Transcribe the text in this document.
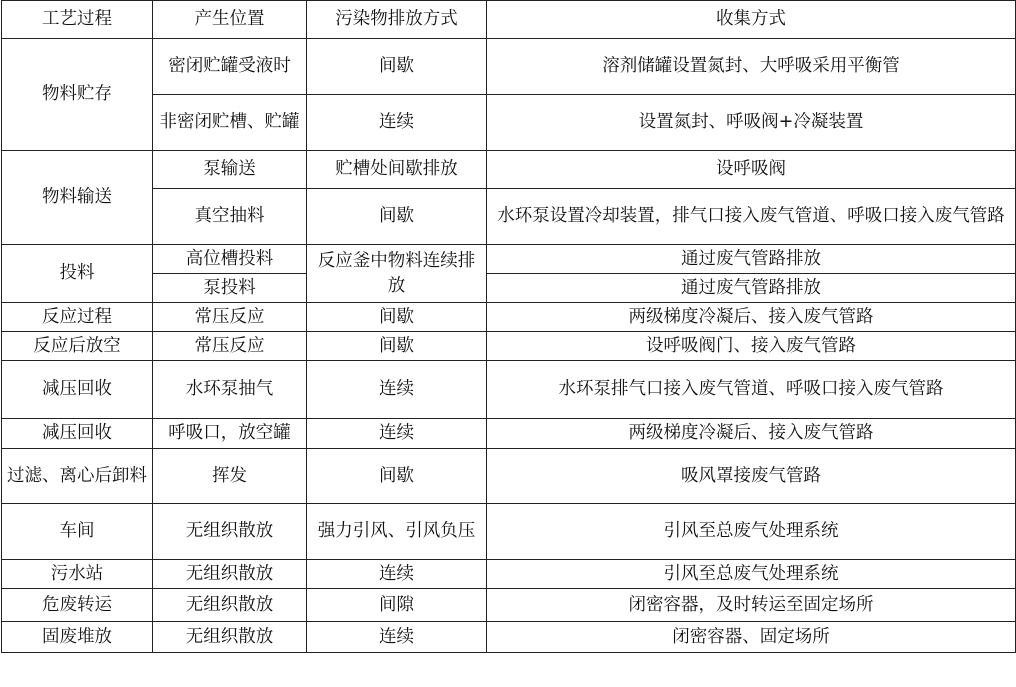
工艺过程	产生位置	污染物排放方式	收集方式
物料贮存	密闭贮罐受液时	间歇	溶剂储罐设置氮封、大呼吸采用平衡管
	非密闭贮槽、贮罐	连续	设置氮封、呼吸阀+冷凝装置
物料输送	泵输送	贮槽处间歇排放	设呼吸阀
	真空抽料	间歇	水环泵设置冷却装置，排气口接入废气管道、呼吸口接入废气管路
投料	高位槽投料	反应釜中物料连续排放	通过废气管路排放
	泵投料		通过废气管路排放
反应过程	常压反应	间歇	两级梯度冷凝后、接入废气管路
反应后放空	常压反应	间歇	设呼吸阀门、接入废气管路
减压回收	水环泵抽气	连续	水环泵排气口接入废气管道、呼吸口接入废气管路
减压回收	呼吸口，放空罐	连续	两级梯度冷凝后、接入废气管路
过滤、离心后卸料	挥发	间歇	吸风罩接废气管路
车间	无组织散放	强力引风、引风负压	引风至总废气处理系统
污水站	无组织散放	连续	引风至总废气处理系统
危废转运	无组织散放	间隙	闭密容器，及时转运至固定场所
固废堆放	无组织散放	连续	闭密容器、固定场所
